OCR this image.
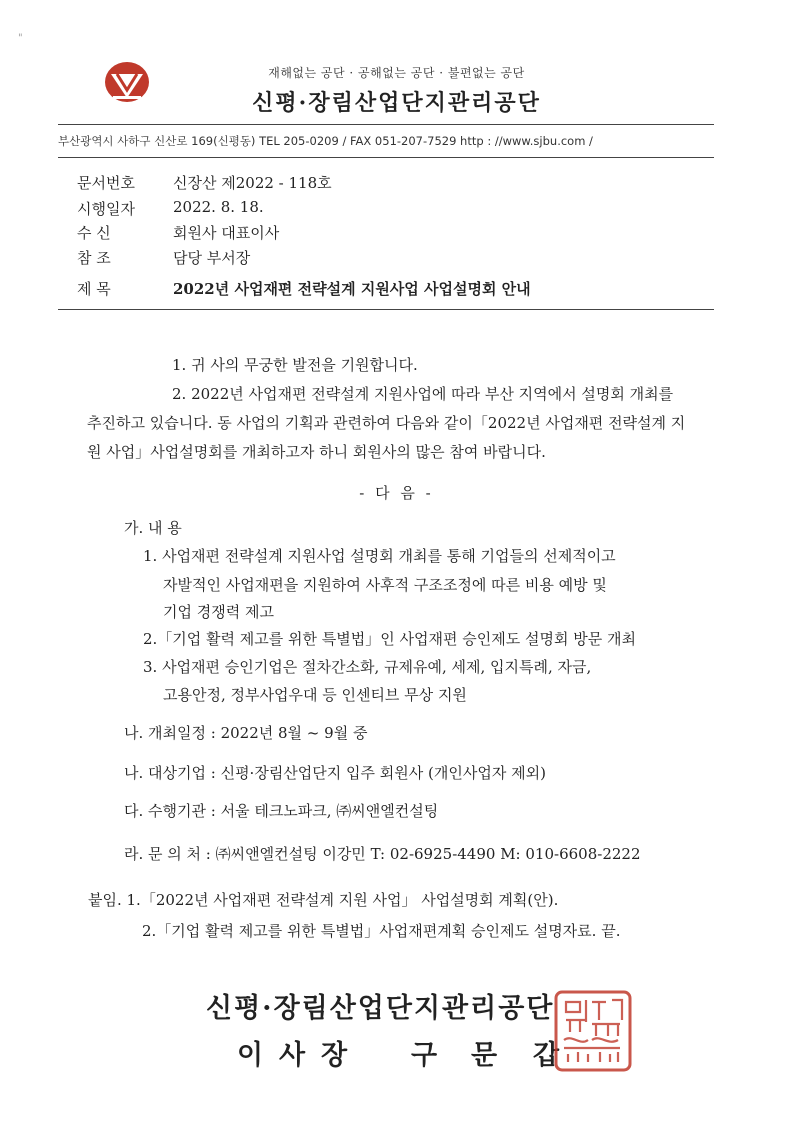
"
재해없는 공단 · 공해없는 공단 · 불편없는 공단
신평·장림산업단지관리공단
부산광역시 사하구 신산로 169(신평동) TEL 205-0209 / FAX 051-207-7529 http : //www.sjbu.com /
문서번호	신장산 제2022 - 118호
시행일자	2022. 8. 18.
수 신	회원사 대표이사
참 조	담당 부서장
제 목	2022년 사업재편 전략설계 지원사업 사업설명회 안내
1. 귀 사의 무궁한 발전을 기원합니다.
2. 2022년 사업재편 전략설계 지원사업에 따라 부산 지역에서 설명회 개최를
추진하고 있습니다. 동 사업의 기획과 관련하여 다음와 같이「2022년 사업재편 전략설계 지
원 사업」사업설명회를 개최하고자 하니 회원사의 많은 참여 바랍니다.
- 다 음 -
가. 내 용
1. 사업재편 전략설계 지원사업 설명회 개최를 통해 기업들의 선제적이고
자발적인 사업재편을 지원하여 사후적 구조조정에 따른 비용 예방 및
기업 경쟁력 제고
2.「기업 활력 제고를 위한 특별법」인 사업재편 승인제도 설명회 방문 개최
3. 사업재편 승인기업은 절차간소화, 규제유예, 세제, 입지특례, 자금,
고용안정, 정부사업우대 등 인센티브 무상 지원
나. 개최일정 : 2022년 8월 ~ 9월 중
나. 대상기업 : 신평·장림산업단지 입주 회원사 (개인사업자 제외)
다. 수행기관 : 서울 테크노파크, ㈜씨앤엘컨설팅
라. 문 의 처 : ㈜씨앤엘컨설팅 이강민 T: 02-6925-4490 M: 010-6608-2222
붙임. 1.「2022년 사업재편 전략설계 지원 사업」 사업설명회 계획(안).
2.「기업 활력 제고를 위한 특별법」사업재편계획 승인제도 설명자료. 끝.
신평·장림산업단지관리공단
이 사 장 구 문 갑
